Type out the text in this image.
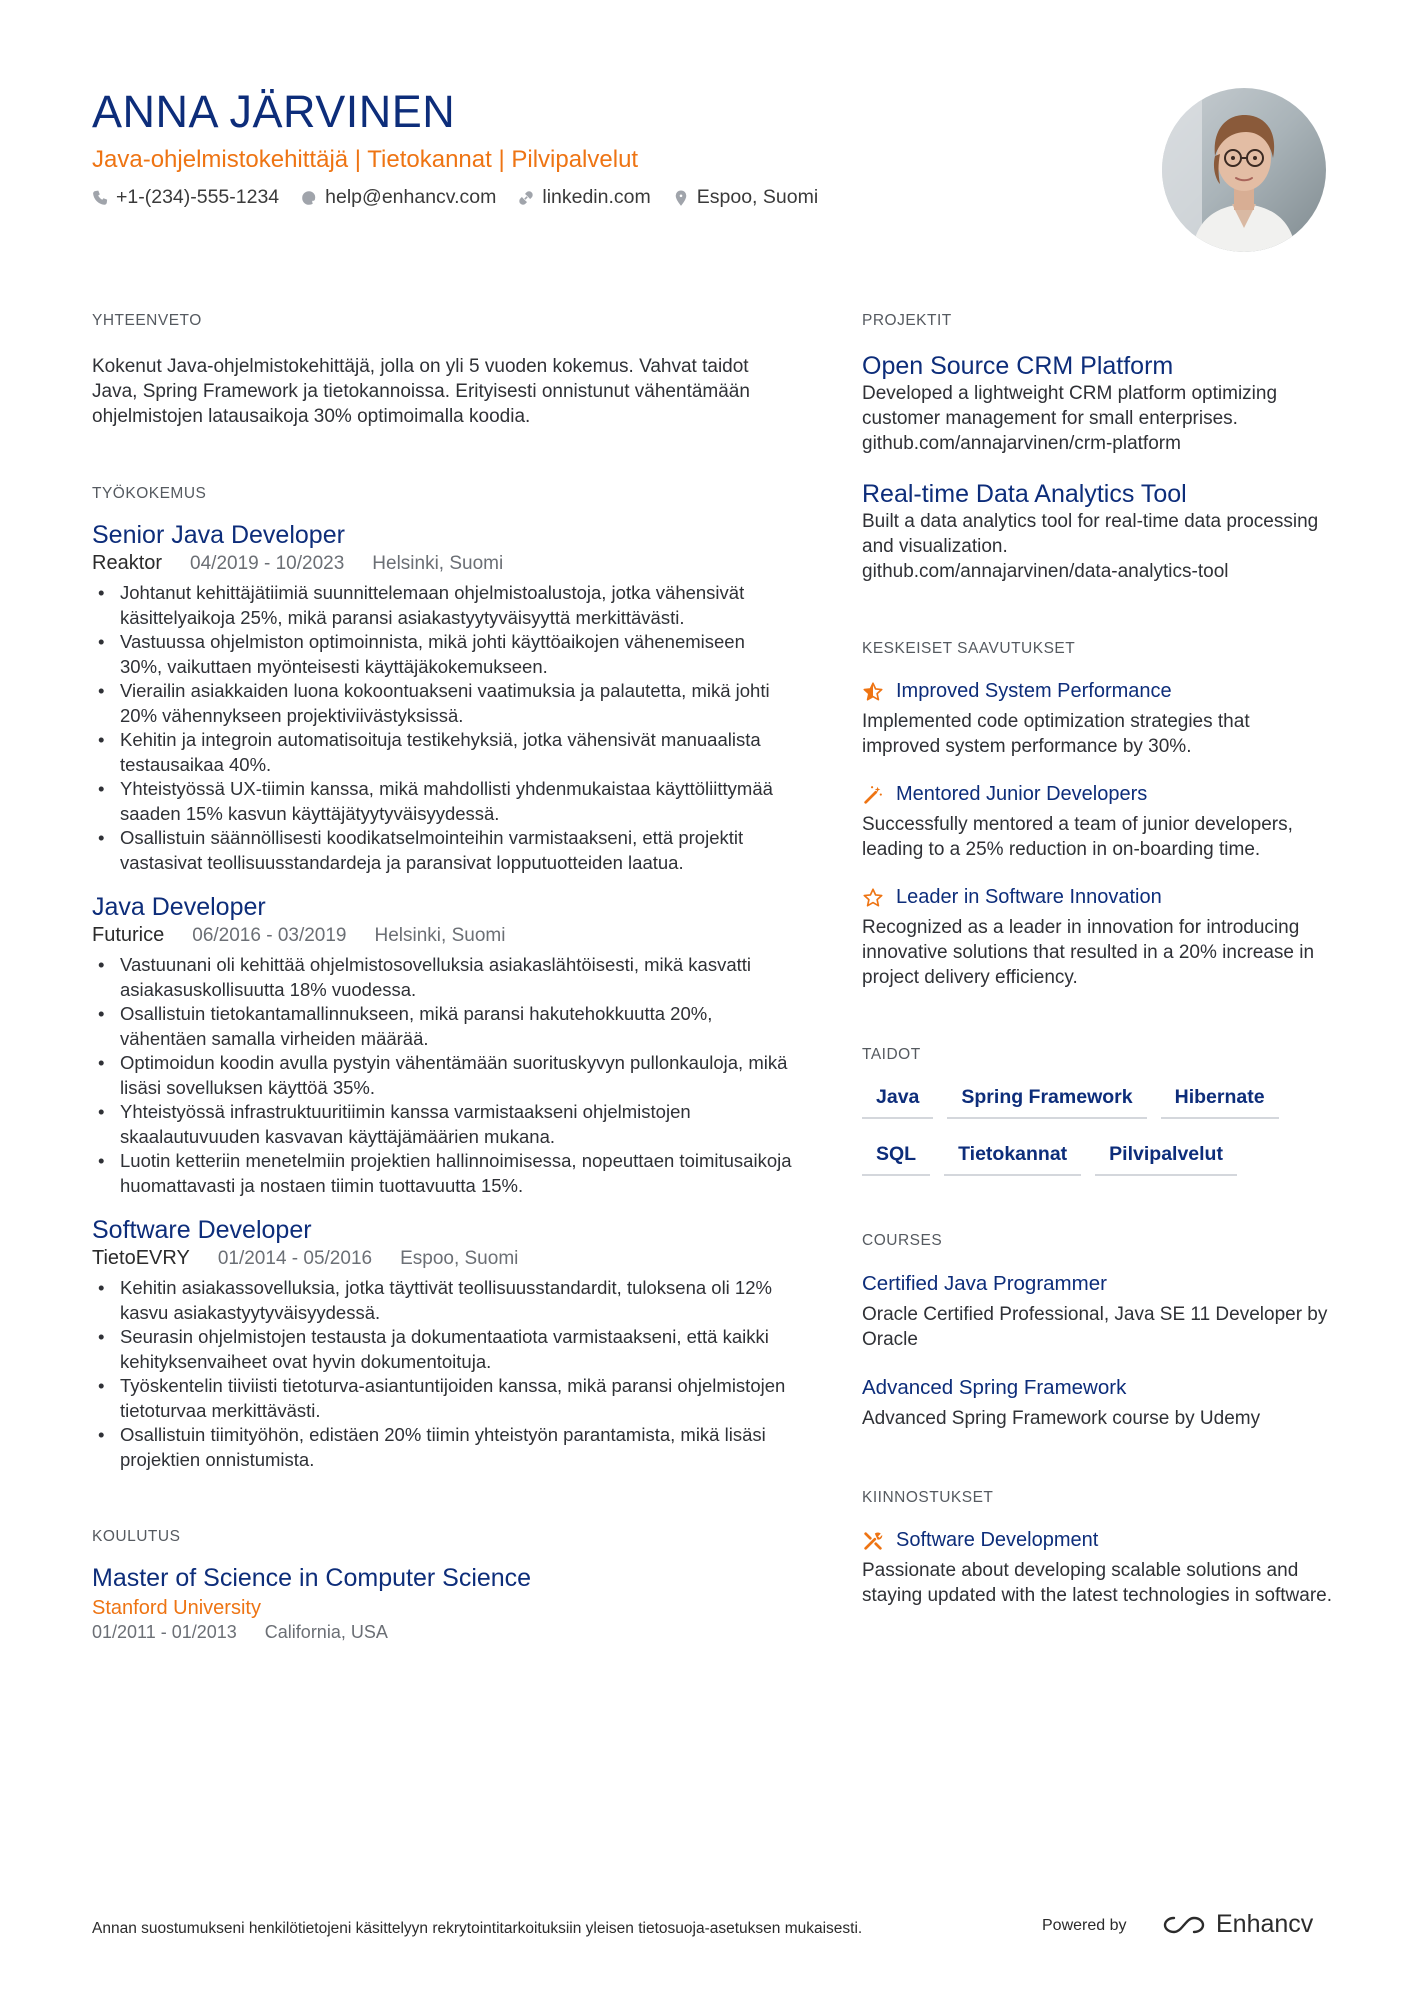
ANNA JÄRVINEN
Java-ohjelmistokehittäjä | Tietokannat | Pilvipalvelut
+1-(234)-555-1234 help@enhancv.com linkedin.com Espoo, Suomi
YHTEENVETO
Kokenut Java-ohjelmistokehittäjä, jolla on yli 5 vuoden kokemus. Vahvat taidot Java, Spring Framework ja tietokannoissa. Erityisesti onnistunut vähentämään ohjelmistojen latausaikoja 30% optimoimalla koodia.
TYÖKOKEMUS
Senior Java Developer
Reaktor 04/2019 - 10/2023 Helsinki, Suomi
• Johtanut kehittäjätiimiä suunnittelemaan ohjelmistoalustoja, jotka vähensivät käsittelyaikoja 25%, mikä paransi asiakastyytyväisyyttä merkittävästi.
• Vastuussa ohjelmiston optimoinnista, mikä johti käyttöaikojen vähenemiseen 30%, vaikuttaen myönteisesti käyttäjäkokemukseen.
• Vierailin asiakkaiden luona kokoontuakseni vaatimuksia ja palautetta, mikä johti 20% vähennykseen projektiviivästyksissä.
• Kehitin ja integroin automatisoituja testikehyksiä, jotka vähensivät manuaalista testausaikaa 40%.
• Yhteistyössä UX-tiimin kanssa, mikä mahdollisti yhdenmukaistaa käyttöliittymää saaden 15% kasvun käyttäjätyytyväisyydessä.
• Osallistuin säännöllisesti koodikatselmointeihin varmistaakseni, että projektit vastasivat teollisuusstandardeja ja paransivat lopputuotteiden laatua.
Java Developer
Futurice 06/2016 - 03/2019 Helsinki, Suomi
• Vastuunani oli kehittää ohjelmistosovelluksia asiakaslähtöisesti, mikä kasvatti asiakasuskollisuutta 18% vuodessa.
• Osallistuin tietokantamallinnukseen, mikä paransi hakutehokkuutta 20%, vähentäen samalla virheiden määrää.
• Optimoidun koodin avulla pystyin vähentämään suorituskyvyn pullonkauloja, mikä lisäsi sovelluksen käyttöä 35%.
• Yhteistyössä infrastruktuuritiimin kanssa varmistaakseni ohjelmistojen skaalautuvuuden kasvavan käyttäjämäärien mukana.
• Luotin ketteriin menetelmiin projektien hallinnoimisessa, nopeuttaen toimitusaikoja huomattavasti ja nostaen tiimin tuottavuutta 15%.
Software Developer
TietoEVRY 01/2014 - 05/2016 Espoo, Suomi
• Kehitin asiakassovelluksia, jotka täyttivät teollisuusstandardit, tuloksena oli 12% kasvu asiakastyytyväisyydessä.
• Seurasin ohjelmistojen testausta ja dokumentaatiota varmistaakseni, että kaikki kehityksenvaiheet ovat hyvin dokumentoituja.
• Työskentelin tiiviisti tietoturva-asiantuntijoiden kanssa, mikä paransi ohjelmistojen tietoturvaa merkittävästi.
• Osallistuin tiimityöhön, edistäen 20% tiimin yhteistyön parantamista, mikä lisäsi projektien onnistumista.
KOULUTUS
Master of Science in Computer Science
Stanford University
01/2011 - 01/2013 California, USA
PROJEKTIT
Open Source CRM Platform
Developed a lightweight CRM platform optimizing customer management for small enterprises.
github.com/annajarvinen/crm-platform
Real-time Data Analytics Tool
Built a data analytics tool for real-time data processing and visualization.
github.com/annajarvinen/data-analytics-tool
KESKEISET SAAVUTUKSET
Improved System Performance
Implemented code optimization strategies that improved system performance by 30%.
Mentored Junior Developers
Successfully mentored a team of junior developers, leading to a 25% reduction in on-boarding time.
Leader in Software Innovation
Recognized as a leader in innovation for introducing innovative solutions that resulted in a 20% increase in project delivery efficiency.
TAIDOT
Java	Spring Framework	Hibernate
SQL	Tietokannat	Pilvipalvelut
COURSES
Certified Java Programmer
Oracle Certified Professional, Java SE 11 Developer by Oracle
Advanced Spring Framework
Advanced Spring Framework course by Udemy
KIINNOSTUKSET
Software Development
Passionate about developing scalable solutions and staying updated with the latest technologies in software.
Annan suostumukseni henkilötietojeni käsittelyyn rekrytointitarkoituksiin yleisen tietosuoja-asetuksen mukaisesti.	Powered by	Enhancv
